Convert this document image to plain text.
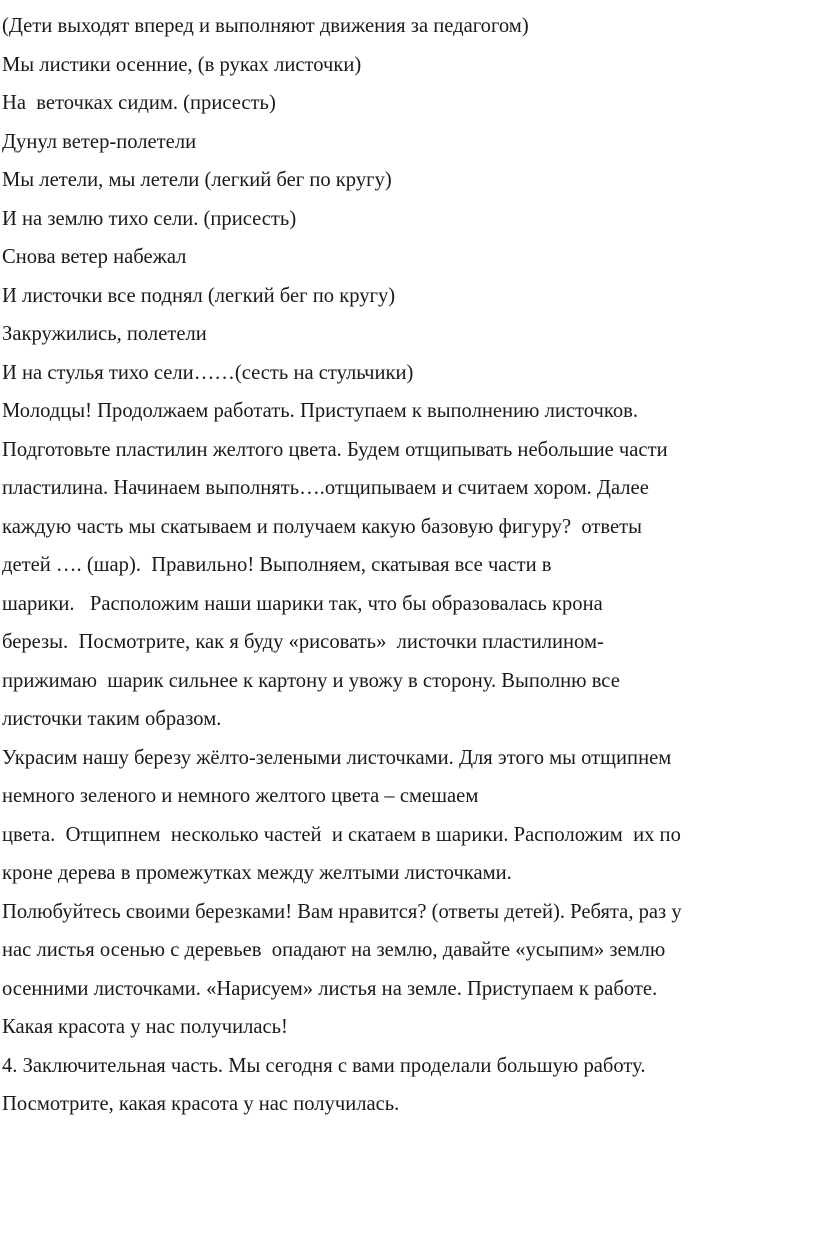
(Дети выходят вперед и выполняют движения за педагогом)
Мы листики осенние, (в руках листочки)
На  веточках сидим. (присесть)
Дунул ветер-полетели
Мы летели, мы летели (легкий бег по кругу)
И на землю тихо сели. (присесть)
Снова ветер набежал
И листочки все поднял (легкий бег по кругу)
Закружились, полетели
И на стулья тихо сели……(сесть на стульчики)
Молодцы! Продолжаем работать. Приступаем к выполнению листочков.
Подготовьте пластилин желтого цвета. Будем отщипывать небольшие части
пластилина. Начинаем выполнять….отщипываем и считаем хором. Далее
каждую часть мы скатываем и получаем какую базовую фигуру?  ответы
детей …. (шар).  Правильно! Выполняем, скатывая все части в
шарики.   Расположим наши шарики так, что бы образовалась крона
березы.  Посмотрите, как я буду «рисовать»  листочки пластилином-
прижимаю  шарик сильнее к картону и увожу в сторону. Выполню все
листочки таким образом.
Украсим нашу березу жёлто-зелеными листочками. Для этого мы отщипнем
немного зеленого и немного желтого цвета – смешаем
цвета.  Отщипнем  несколько частей  и скатаем в шарики. Расположим  их по
кроне дерева в промежутках между желтыми листочками.
Полюбуйтесь своими березками! Вам нравится? (ответы детей). Ребята, раз у
нас листья осенью с деревьев  опадают на землю, давайте «усыпим» землю
осенними листочками. «Нарисуем» листья на земле. Приступаем к работе.
Какая красота у нас получилась!
4. Заключительная часть. Мы сегодня с вами проделали большую работу.
Посмотрите, какая красота у нас получилась.
